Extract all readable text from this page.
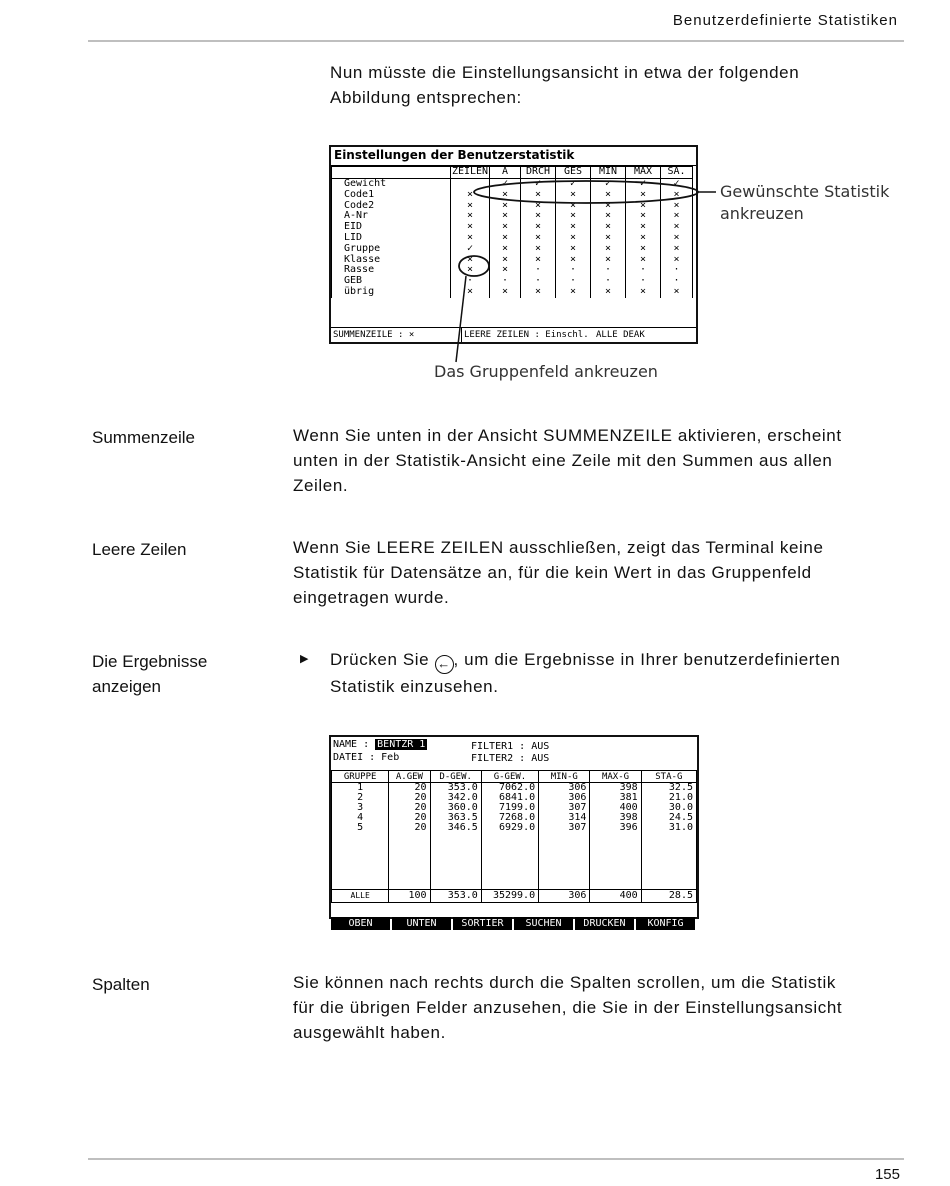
Benutzerdefinierte Statistiken
Nun müsste die Einstellungsansicht in etwa der folgenden
Abbildung entsprechen:
Einstellungen der Benutzerstatistik
	ZEILEN	A	DRCH	GES	MIN	MAX	SA.
Gewicht		✓	✓	✓	✓	✓	✓
Code1	×	×	×	×	×	×	×
Code2	×	×	×	×	×	×	×
A-Nr	×	×	×	×	×	×	×
EID	×	×	×	×	×	×	×
LID	×	×	×	×	×	×	×
Gruppe	✓	×	×	×	×	×	×
Klasse	×	×	×	×	×	×	×
Rasse	×	×	·	·	·	·	·
GEB	·	·	·	·	·	·	·
übrig	×	×	×	×	×	×	×
SUMMENZEILE : ×	LEERE ZEILEN : Einschl. ALLE DEAK
Gewünschte Statistik
ankreuzen
Das Gruppenfeld ankreuzen
Summenzeile	Wenn Sie unten in der Ansicht SUMMENZEILE aktivieren, erscheint
unten in der Statistik-Ansicht eine Zeile mit den Summen aus allen
Zeilen.
Leere Zeilen	Wenn Sie LEERE ZEILEN ausschließen, zeigt das Terminal keine
Statistik für Datensätze an, für die kein Wert in das Gruppenfeld
eingetragen wurde.
Die Ergebnisse
anzeigen
▶ Drücken Sie ← , um die Ergebnisse in Ihrer benutzerdefinierten
Statistik einzusehen.
NAME : BENTZR 1
DATEI : Feb
FILTER1 : AUS
FILTER2 : AUS
GRUPPE	A.GEW	D-GEW.	G-GEW.	MIN-G	MAX-G	STA-G
1	20	353.0	7062.0	306	398	32.5
2	20	342.0	6841.0	306	381	21.0
3	20	360.0	7199.0	307	400	30.0
4	20	363.5	7268.0	314	398	24.5
5	20	346.5	6929.0	307	396	31.0

ALLE	100	353.0	35299.0	306	400	28.5
OBEN	UNTEN	SORTIER	SUCHEN	DRUCKEN	KONFIG
Spalten	Sie können nach rechts durch die Spalten scrollen, um die Statistik
für die übrigen Felder anzusehen, die Sie in der Einstellungsansicht
ausgewählt haben.
155
